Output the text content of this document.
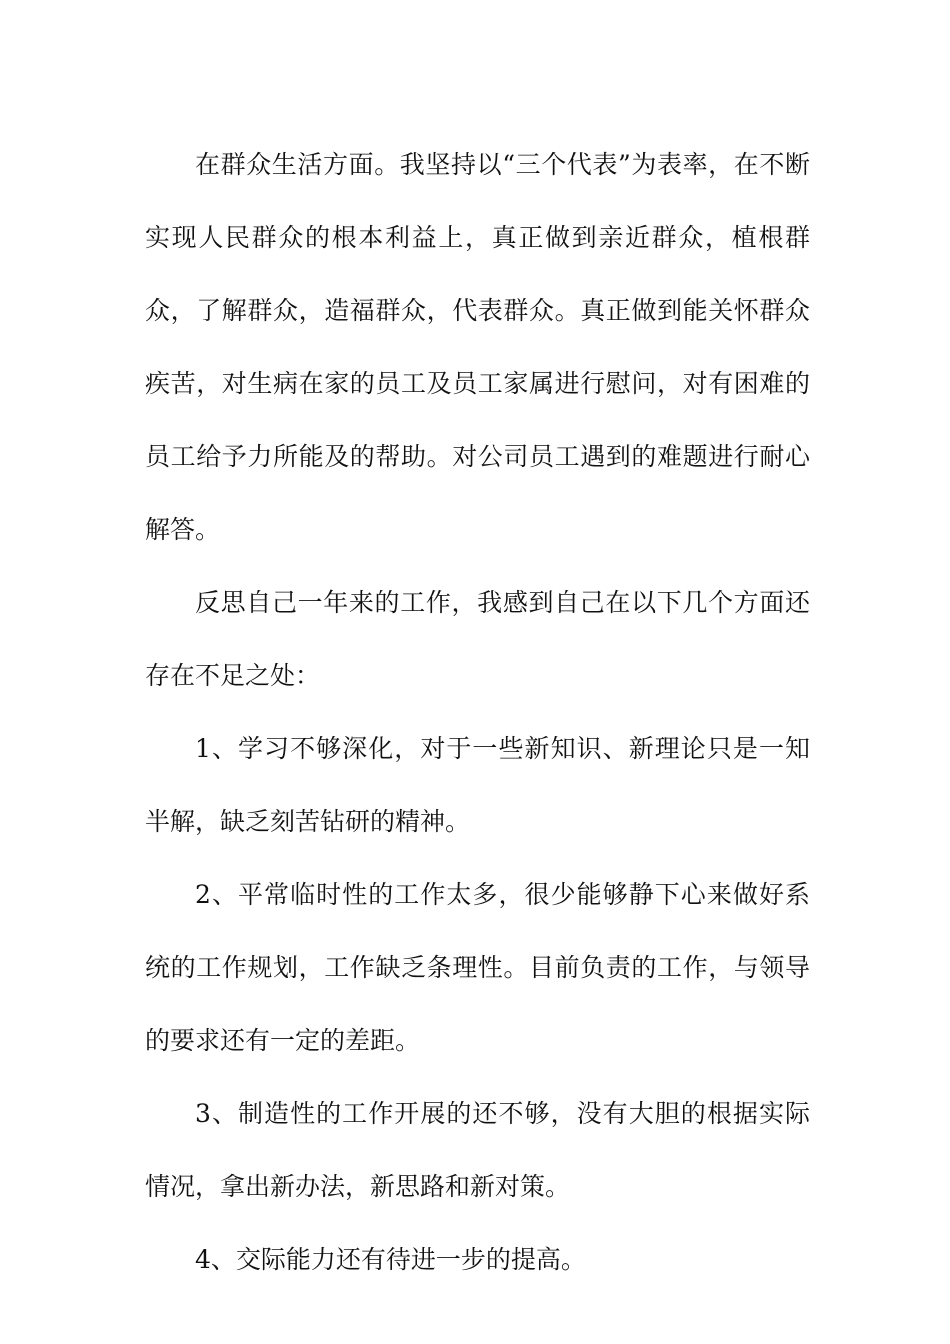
在群众生活方面。我坚持以“三个代表”为表率，在不断实现人民群众的根本利益上，真正做到亲近群众，植根群众，了解群众，造福群众，代表群众。真正做到能关怀群众疾苦，对生病在家的员工及员工家属进行慰问，对有困难的员工给予力所能及的帮助。对公司员工遇到的难题进行耐心解答。

反思自己一年来的工作，我感到自己在以下几个方面还存在不足之处：

1、学习不够深化，对于一些新知识、新理论只是一知半解，缺乏刻苦钻研的精神。

2、平常临时性的工作太多，很少能够静下心来做好系统的工作规划，工作缺乏条理性。目前负责的工作，与领导的要求还有一定的差距。

3、制造性的工作开展的还不够，没有大胆的根据实际情况，拿出新办法，新思路和新对策。

4、交际能力还有待进一步的提高。
